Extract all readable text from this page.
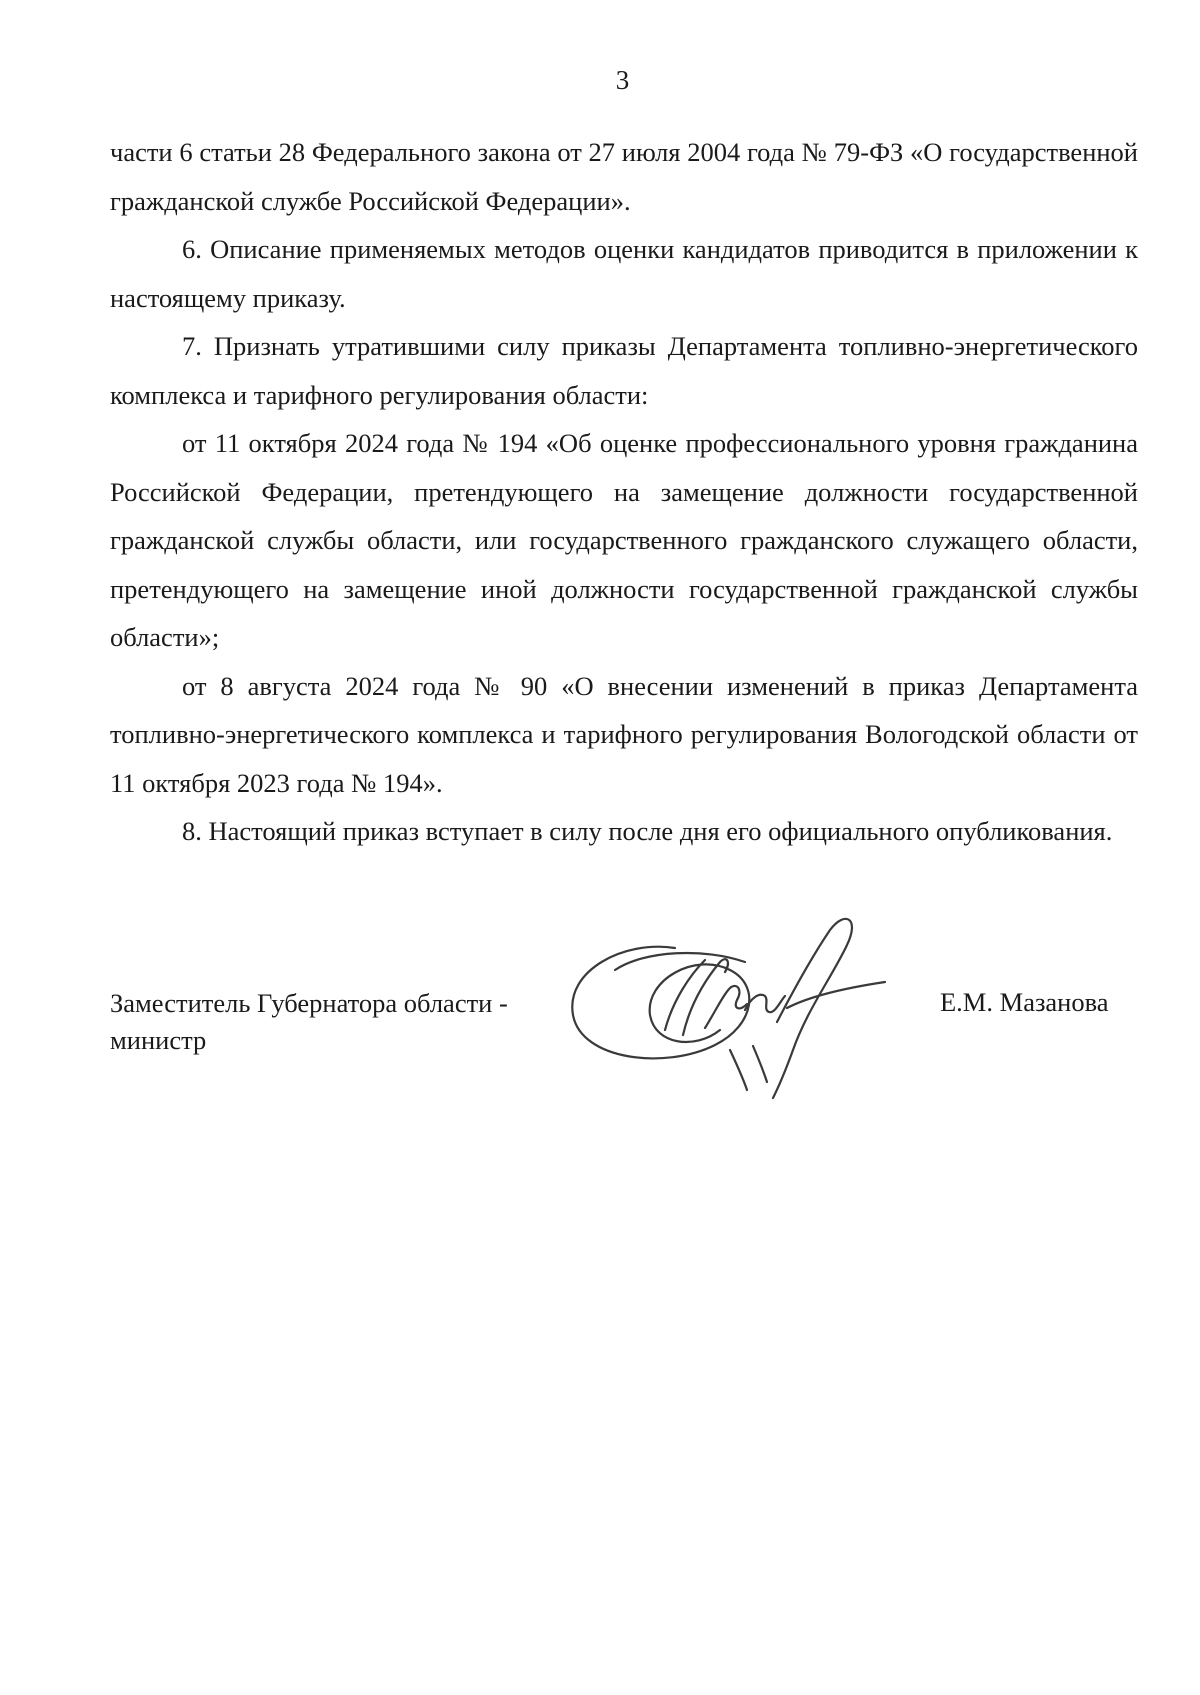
3

части 6 статьи 28 Федерального закона от 27 июля 2004 года № 79-ФЗ «О государственной гражданской службе Российской Федерации».

6. Описание применяемых методов оценки кандидатов приводится в приложении к настоящему приказу.

7. Признать утратившими силу приказы Департамента топливно-энергетического комплекса и тарифного регулирования области:

от 11 октября 2024 года № 194 «Об оценке профессионального уровня гражданина Российской Федерации, претендующего на замещение должности государственной гражданской службы области, или государственного гражданского служащего области, претендующего на замещение иной должности государственной гражданской службы области»;

от 8 августа 2024 года № 90 «О внесении изменений в приказ Департамента топливно-энергетического комплекса и тарифного регулирования Вологодской области от 11 октября 2023 года № 194».

8. Настоящий приказ вступает в силу после дня его официального опубликования.

Заместитель Губернатора области -
министр
Е.М. Мазанова
